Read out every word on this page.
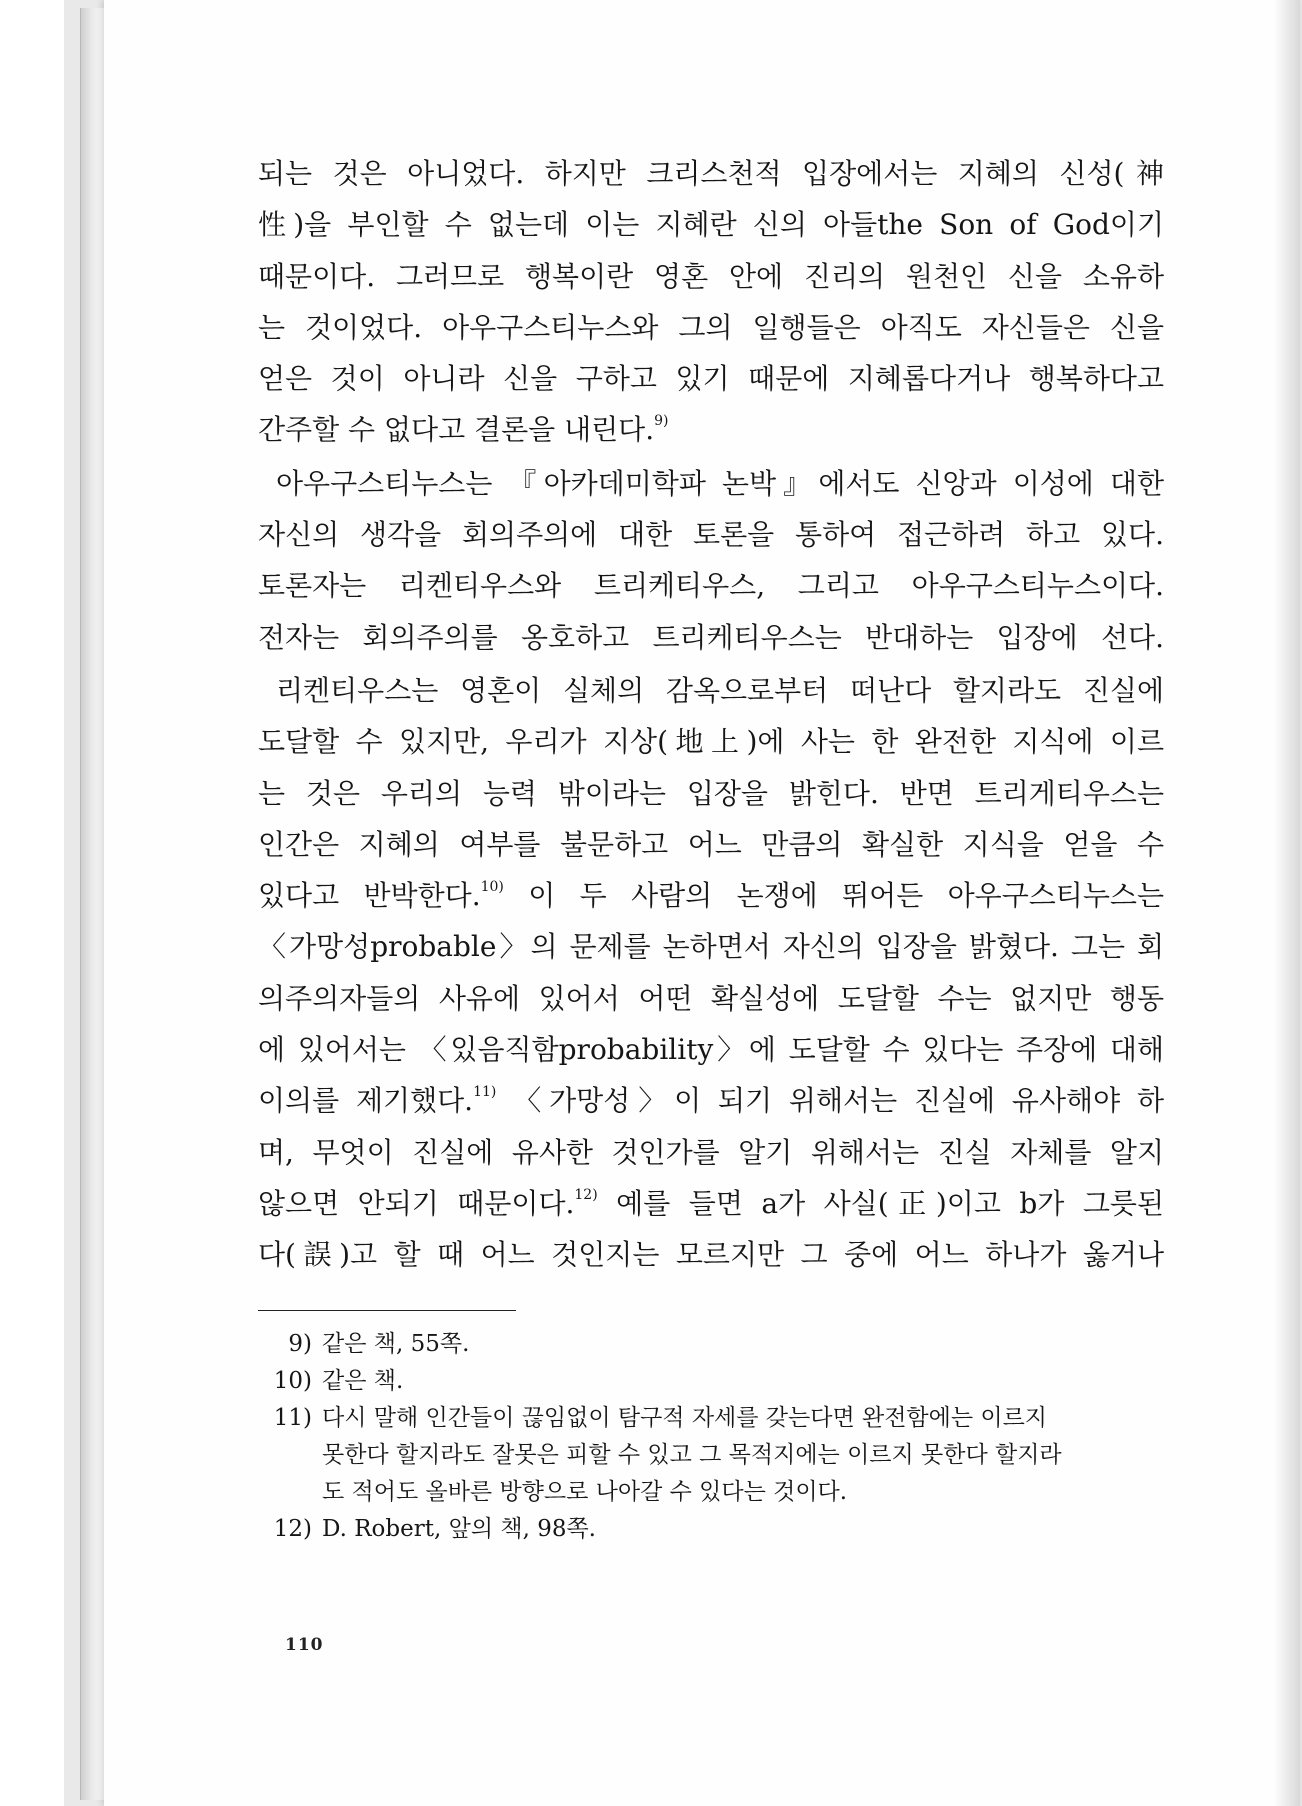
되는 것은 아니었다. 하지만 크리스천적 입장에서는 지혜의 신성(神
性)을 부인할 수 없는데 이는 지혜란 신의 아들the Son of God이기
때문이다. 그러므로 행복이란 영혼 안에 진리의 원천인 신을 소유하
는 것이었다. 아우구스티누스와 그의 일행들은 아직도 자신들은 신을
얻은 것이 아니라 신을 구하고 있기 때문에 지혜롭다거나 행복하다고
간주할 수 없다고 결론을 내린다.$^{9)}$

아우구스티누스는 『아카데미학파 논박』에서도 신앙과 이성에 대한
자신의 생각을 회의주의에 대한 토론을 통하여 접근하려 하고 있다.
토론자는 리켄티우스와 트리케티우스, 그리고 아우구스티누스이다.
전자는 회의주의를 옹호하고 트리케티우스는 반대하는 입장에 선다.

리켄티우스는 영혼이 실체의 감옥으로부터 떠난다 할지라도 진실에
도달할 수 있지만, 우리가 지상(地上)에 사는 한 완전한 지식에 이르
는 것은 우리의 능력 밖이라는 입장을 밝힌다. 반면 트리게티우스는
인간은 지혜의 여부를 불문하고 어느 만큼의 확실한 지식을 얻을 수
있다고 반박한다.$^{10)}$ 이 두 사람의 논쟁에 뛰어든 아우구스티누스는
〈가망성probable〉의 문제를 논하면서 자신의 입장을 밝혔다. 그는 회
의주의자들의 사유에 있어서 어떤 확실성에 도달할 수는 없지만 행동
에 있어서는 〈있음직함probability〉에 도달할 수 있다는 주장에 대해
이의를 제기했다.$^{11)}$ 〈가망성〉이 되기 위해서는 진실에 유사해야 하
며, 무엇이 진실에 유사한 것인가를 알기 위해서는 진실 자체를 알지
않으면 안되기 때문이다.$^{12)}$ 예를 들면 a가 사실(正)이고 b가 그릇된
다(誤)고 할 때 어느 것인지는 모르지만 그 중에 어느 하나가 옳거나

9) 같은 책, 55쪽.
10) 같은 책.
11) 다시 말해 인간들이 끊임없이 탐구적 자세를 갖는다면 완전함에는 이르지
못한다 할지라도 잘못은 피할 수 있고 그 목적지에는 이르지 못한다 할지라
도 적어도 올바른 방향으로 나아갈 수 있다는 것이다.
12) D. Robert, 앞의 책, 98쪽.
110
